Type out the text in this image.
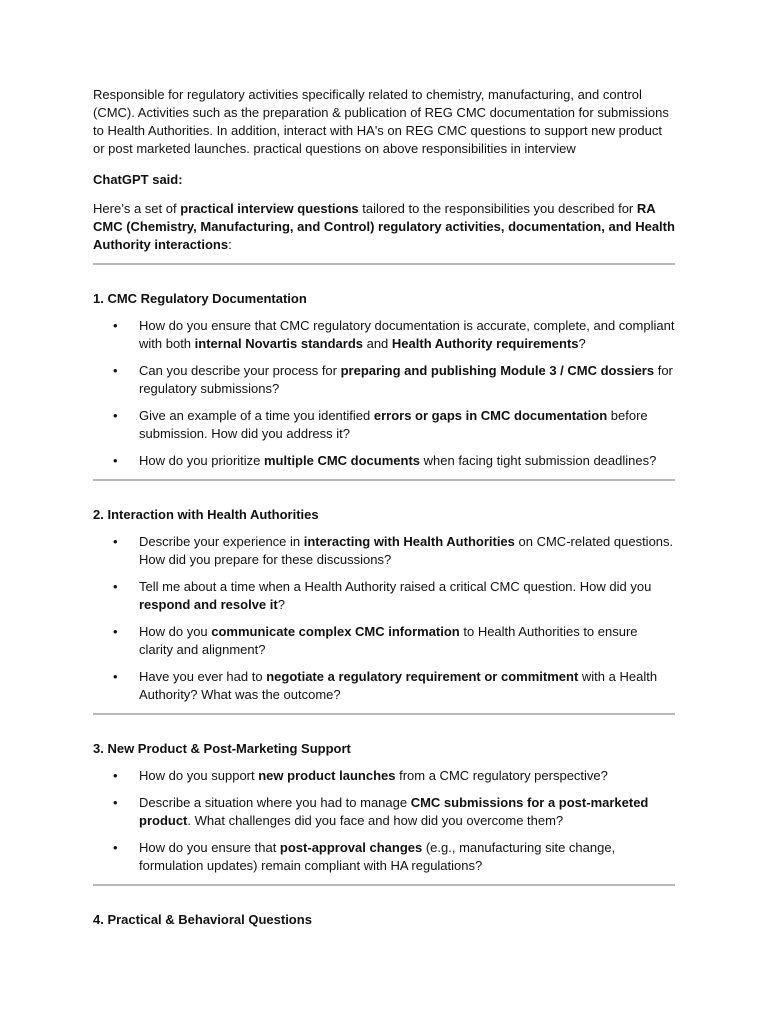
Responsible for regulatory activities specifically related to chemistry, manufacturing, and control (CMC). Activities such as the preparation & publication of REG CMC documentation for submissions to Health Authorities. In addition, interact with HA's on REG CMC questions to support new product or post marketed launches. practical questions on above responsibilities in interview

ChatGPT said:

Here’s a set of practical interview questions tailored to the responsibilities you described for RA CMC (Chemistry, Manufacturing, and Control) regulatory activities, documentation, and Health Authority interactions:

1. CMC Regulatory Documentation
• How do you ensure that CMC regulatory documentation is accurate, complete, and compliant with both internal Novartis standards and Health Authority requirements?
• Can you describe your process for preparing and publishing Module 3 / CMC dossiers for regulatory submissions?
• Give an example of a time you identified errors or gaps in CMC documentation before submission. How did you address it?
• How do you prioritize multiple CMC documents when facing tight submission deadlines?
2. Interaction with Health Authorities
• Describe your experience in interacting with Health Authorities on CMC-related questions. How did you prepare for these discussions?
• Tell me about a time when a Health Authority raised a critical CMC question. How did you respond and resolve it?
• How do you communicate complex CMC information to Health Authorities to ensure clarity and alignment?
• Have you ever had to negotiate a regulatory requirement or commitment with a Health Authority? What was the outcome?
3. New Product & Post-Marketing Support
• How do you support new product launches from a CMC regulatory perspective?
• Describe a situation where you had to manage CMC submissions for a post-marketed product. What challenges did you face and how did you overcome them?
• How do you ensure that post-approval changes (e.g., manufacturing site change, formulation updates) remain compliant with HA regulations?
4. Practical & Behavioral Questions
